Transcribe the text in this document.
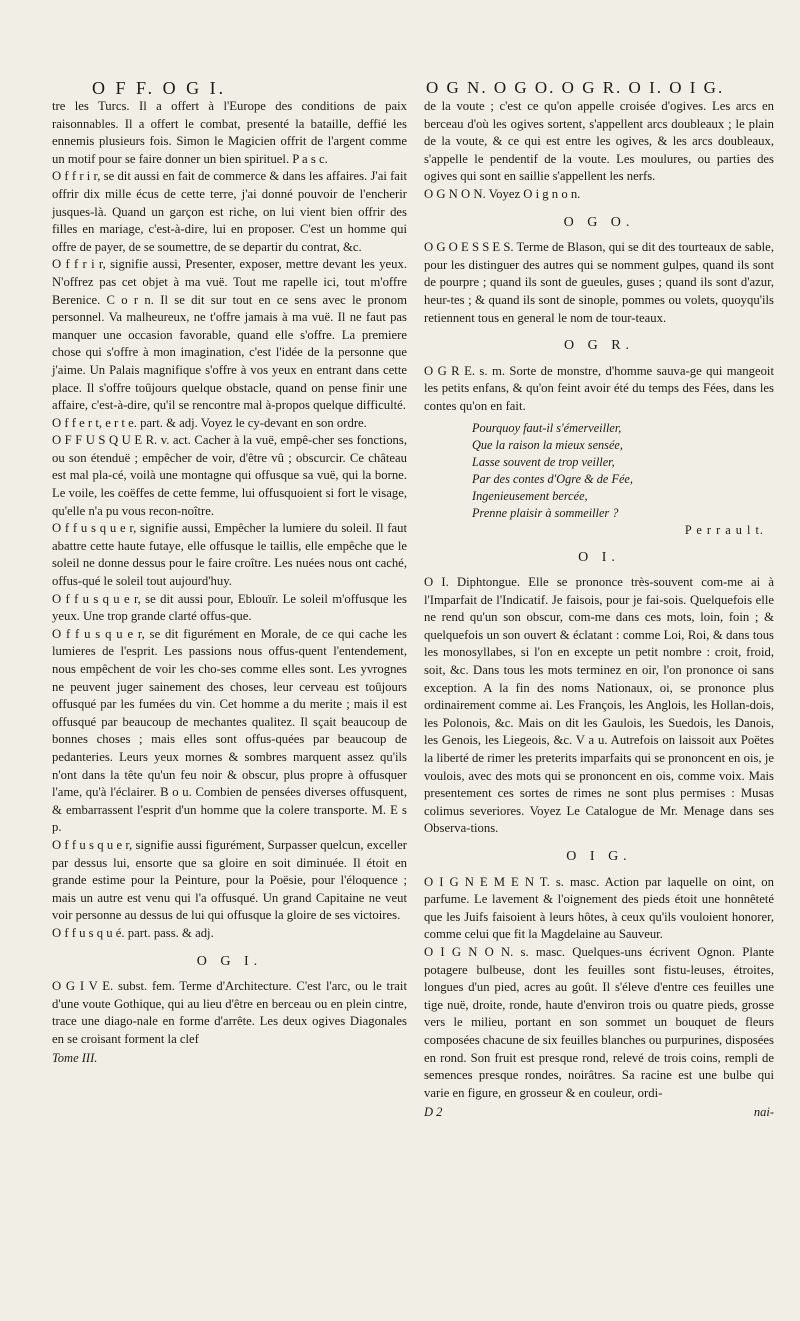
O F F. O G I.	O G N. O G O. O G R. O I. O I G.

tre les Turcs. Il a offert à l'Europe des conditions de paix raisonnables. Il a offert le combat, presenté la bataille, deffié les ennemis plusieurs fois. Simon le Magicien offrit de l'argent comme un motif pour se faire donner un bien spirituel. P a s c.

O f f r i r, se dit aussi en fait de commerce & dans les affaires. J'ai fait offrir dix mille écus de cette terre, j'ai donné pouvoir de l'encherir jusques-là. Quand un garçon est riche, on lui vient bien offrir des filles en mariage, c'est-à-dire, lui en proposer. C'est un homme qui offre de payer, de se soumettre, de se departir du contrat, &c.

O f f r i r, signifie aussi, Presenter, exposer, mettre devant les yeux. N'offrez pas cet objet à ma vuë. Tout me rapelle ici, tout m'offre Berenice. C o r n. Il se dit sur tout en ce sens avec le pronom personnel. Va malheureux, ne t'offre jamais à ma vuë. Il ne faut pas manquer une occasion favorable, quand elle s'offre. La premiere chose qui s'offre à mon imagination, c'est l'idée de la personne que j'aime. Un Palais magnifique s'offre à vos yeux en entrant dans cette place. Il s'offre toûjours quelque obstacle, quand on pense finir une affaire, c'est-à-dire, qu'il se rencontre mal à-propos quelque difficulté.

O f f e r t, e r t e. part. & adj. Voyez le cy-devant en son ordre.

O F F U S Q U E R. v. act. Cacher à la vuë, empê-cher ses fonctions, ou son étenduë ; empêcher de voir, d'être vû ; obscurcir. Ce château est mal pla-cé, voilà une montagne qui offusque sa vuë, qui la borne. Le voile, les coëffes de cette femme, lui offusquoient si fort le visage, qu'elle n'a pu vous recon-noître.

O f f u s q u e r, signifie aussi, Empêcher la lumiere du soleil. Il faut abattre cette haute futaye, elle offusque le taillis, elle empêche que le soleil ne donne dessus pour le faire croître. Les nuées nous ont caché, offus-qué le soleil tout aujourd'huy.

O f f u s q u e r, se dit aussi pour, Eblouïr. Le soleil m'offusque les yeux. Une trop grande clarté offus-que.

O f f u s q u e r, se dit figurément en Morale, de ce qui cache les lumieres de l'esprit. Les passions nous offus-quent l'entendement, nous empêchent de voir les cho-ses comme elles sont. Les yvrognes ne peuvent juger sainement des choses, leur cerveau est toûjours offusqué par les fumées du vin. Cet homme a du merite ; mais il est offusqué par beaucoup de mechantes qualitez. Il sçait beaucoup de bonnes choses ; mais elles sont offus-quées par beaucoup de pedanteries. Leurs yeux mornes & sombres marquent assez qu'ils n'ont dans la tête qu'un feu noir & obscur, plus propre à offusquer l'ame, qu'à l'éclairer. B o u. Combien de pensées diverses offusquent, & embarrassent l'esprit d'un homme que la colere transporte. M. E s p.

O f f u s q u e r, signifie aussi figurément, Surpasser quelcun, exceller par dessus lui, ensorte que sa gloire en soit diminuée. Il étoit en grande estime pour la Peinture, pour la Poësie, pour l'éloquence ; mais un autre est venu qui l'a offusqué. Un grand Capitaine ne veut voir personne au dessus de lui qui offusque la gloire de ses victoires.

O f f u s q u é. part. pass. & adj.

O G I.

O G I V E. subst. fem. Terme d'Architecture. C'est l'arc, ou le trait d'une voute Gothique, qui au lieu d'être en berceau ou en plein cintre, trace une diago-nale en forme d'arrête. Les deux ogives Diagonales en se croisant forment la clef

Tome III.

de la voute ; c'est ce qu'on appelle croisée d'ogives. Les arcs en berceau d'où les ogives sortent, s'appellent arcs doubleaux ; le plain de la voute, & ce qui est entre les ogives, & les arcs doubleaux, s'appelle le pendentif de la voute. Les moulures, ou parties des ogives qui sont en saillie s'appellent les nerfs.

O G N O N. Voyez O i g n o n.

O G O.

O G O E S S E S. Terme de Blason, qui se dit des tourteaux de sable, pour les distinguer des autres qui se nomment gulpes, quand ils sont de pourpre ; quand ils sont de gueules, guses ; quand ils sont d'azur, heur-tes ; & quand ils sont de sinople, pommes ou volets, quoyqu'ils retiennent tous en general le nom de tour-teaux.

O G R.

O G R E. s. m. Sorte de monstre, d'homme sauva-ge qui mangeoit les petits enfans, & qu'on feint avoir été du temps des Fées, dans les contes qu'on en fait.

Pourquoy faut-il s'émerveiller,
Que la raison la mieux sensée,
Lasse souvent de trop veiller,
Par des contes d'Ogre & de Fée,
Ingenieusement bercée,
Prenne plaisir à sommeiller ?
P e r r a u l t.
O I.

O I. Diphtongue. Elle se prononce très-souvent com-me ai à l'Imparfait de l'Indicatif. Je faisois, pour je fai-sois. Quelquefois elle ne rend qu'un son obscur, com-me dans ces mots, loin, foin ; & quelquefois un son ouvert & éclatant : comme Loi, Roi, & dans tous les monosyllabes, si l'on en excepte un petit nombre : croit, froid, soit, &c. Dans tous les mots terminez en oir, l'on prononce oi sans exception. A la fin des noms Nationaux, oi, se prononce plus ordinairement comme ai. Les François, les Anglois, les Hollan-dois, les Polonois, &c. Mais on dit les Gaulois, les Suedois, les Danois, les Genois, les Liegeois, &c. V a u. Autrefois on laissoit aux Poëtes la liberté de rimer les preterits imparfaits qui se prononcent en ois, je voulois, avec des mots qui se prononcent en ois, comme voix. Mais presentement ces sortes de rimes ne sont plus permises : Musas colimus severiores. Voyez Le Catalogue de Mr. Menage dans ses Observa-tions.

O I G.

O I G N E M E N T. s. masc. Action par laquelle on oint, on parfume. Le lavement & l'oignement des pieds étoit une honnêteté que les Juifs faisoient à leurs hôtes, à ceux qu'ils vouloient honorer, comme celui que fit la Magdelaine au Sauveur.

O I G N O N. s. masc. Quelques-uns écrivent Ognon. Plante potagere bulbeuse, dont les feuilles sont fistu-leuses, étroites, longues d'un pied, acres au goût. Il s'éleve d'entre ces feuilles une tige nuë, droite, ronde, haute d'environ trois ou quatre pieds, grosse vers le milieu, portant en son sommet un bouquet de fleurs composées chacune de six feuilles blanches ou purpurines, disposées en rond. Son fruit est presque rond, relevé de trois coins, rempli de semences presque rondes, noirâtres. Sa racine est une bulbe qui varie en figure, en grosseur & en couleur, ordi-

D 2	nai-
